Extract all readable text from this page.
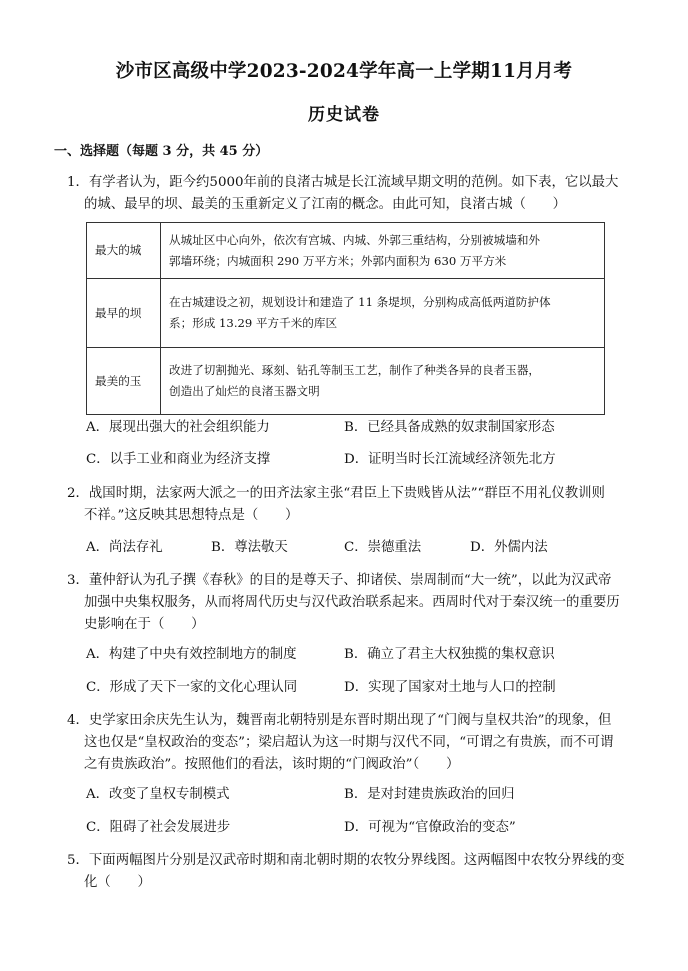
沙市区高级中学2023-2024学年高一上学期11月月考
历史试卷
一、选择题（每题 3 分，共 45 分）
1．有学者认为，距今约5000年前的良渚古城是长江流域早期文明的范例。如下表，它以最大
的城、最早的坝、最美的玉重新定义了江南的概念。由此可知，良渚古城（　　）
最大的城	从城址区中心向外，依次有宫城、内城、外郭三重结构，分别被城墙和外
郭墙环绕；内城面积 290 万平方米；外郭内面积为 630 万平方米

最早的坝	在古城建设之初，规划设计和建造了 11 条堤坝，分别构成高低两道防护体
系；形成 13.29 平方千米的库区

最美的玉	改进了切割抛光、琢刻、钻孔等制玉工艺，制作了种类各异的良者玉器，
创造出了灿烂的良渚玉器文明
A．展现出强大的社会组织能力	B．已经具备成熟的奴隶制国家形态
C．以手工业和商业为经济支撑	D．证明当时长江流域经济领先北方
2．战国时期，法家两大派之一的田齐法家主张“君臣上下贵贱皆从法”“群臣不用礼仪教训则
不祥。”这反映其思想特点是（　　）
A．尚法存礼	B．尊法敬天	C．崇德重法	D．外儒内法
3．董仲舒认为孔子撰《春秋》的目的是尊天子、抑诸侯、崇周制而“大一统”，以此为汉武帝
加强中央集权服务，从而将周代历史与汉代政治联系起来。西周时代对于秦汉统一的重要历
史影响在于（　　）
A．构建了中央有效控制地方的制度	B．确立了君主大权独揽的集权意识
C．形成了天下一家的文化心理认同	D．实现了国家对土地与人口的控制
4．史学家田余庆先生认为，魏晋南北朝特别是东晋时期出现了“门阀与皇权共治”的现象，但
这也仅是“皇权政治的变态”；梁启超认为这一时期与汉代不同，“可谓之有贵族，而不可谓
之有贵族政治”。按照他们的看法，该时期的“门阀政治”（　　）
A．改变了皇权专制模式	B．是对封建贵族政治的回归
C．阻碍了社会发展进步	D．可视为“官僚政治的变态”
5．下面两幅图片分别是汉武帝时期和南北朝时期的农牧分界线图。这两幅图中农牧分界线的变
化（　　）
